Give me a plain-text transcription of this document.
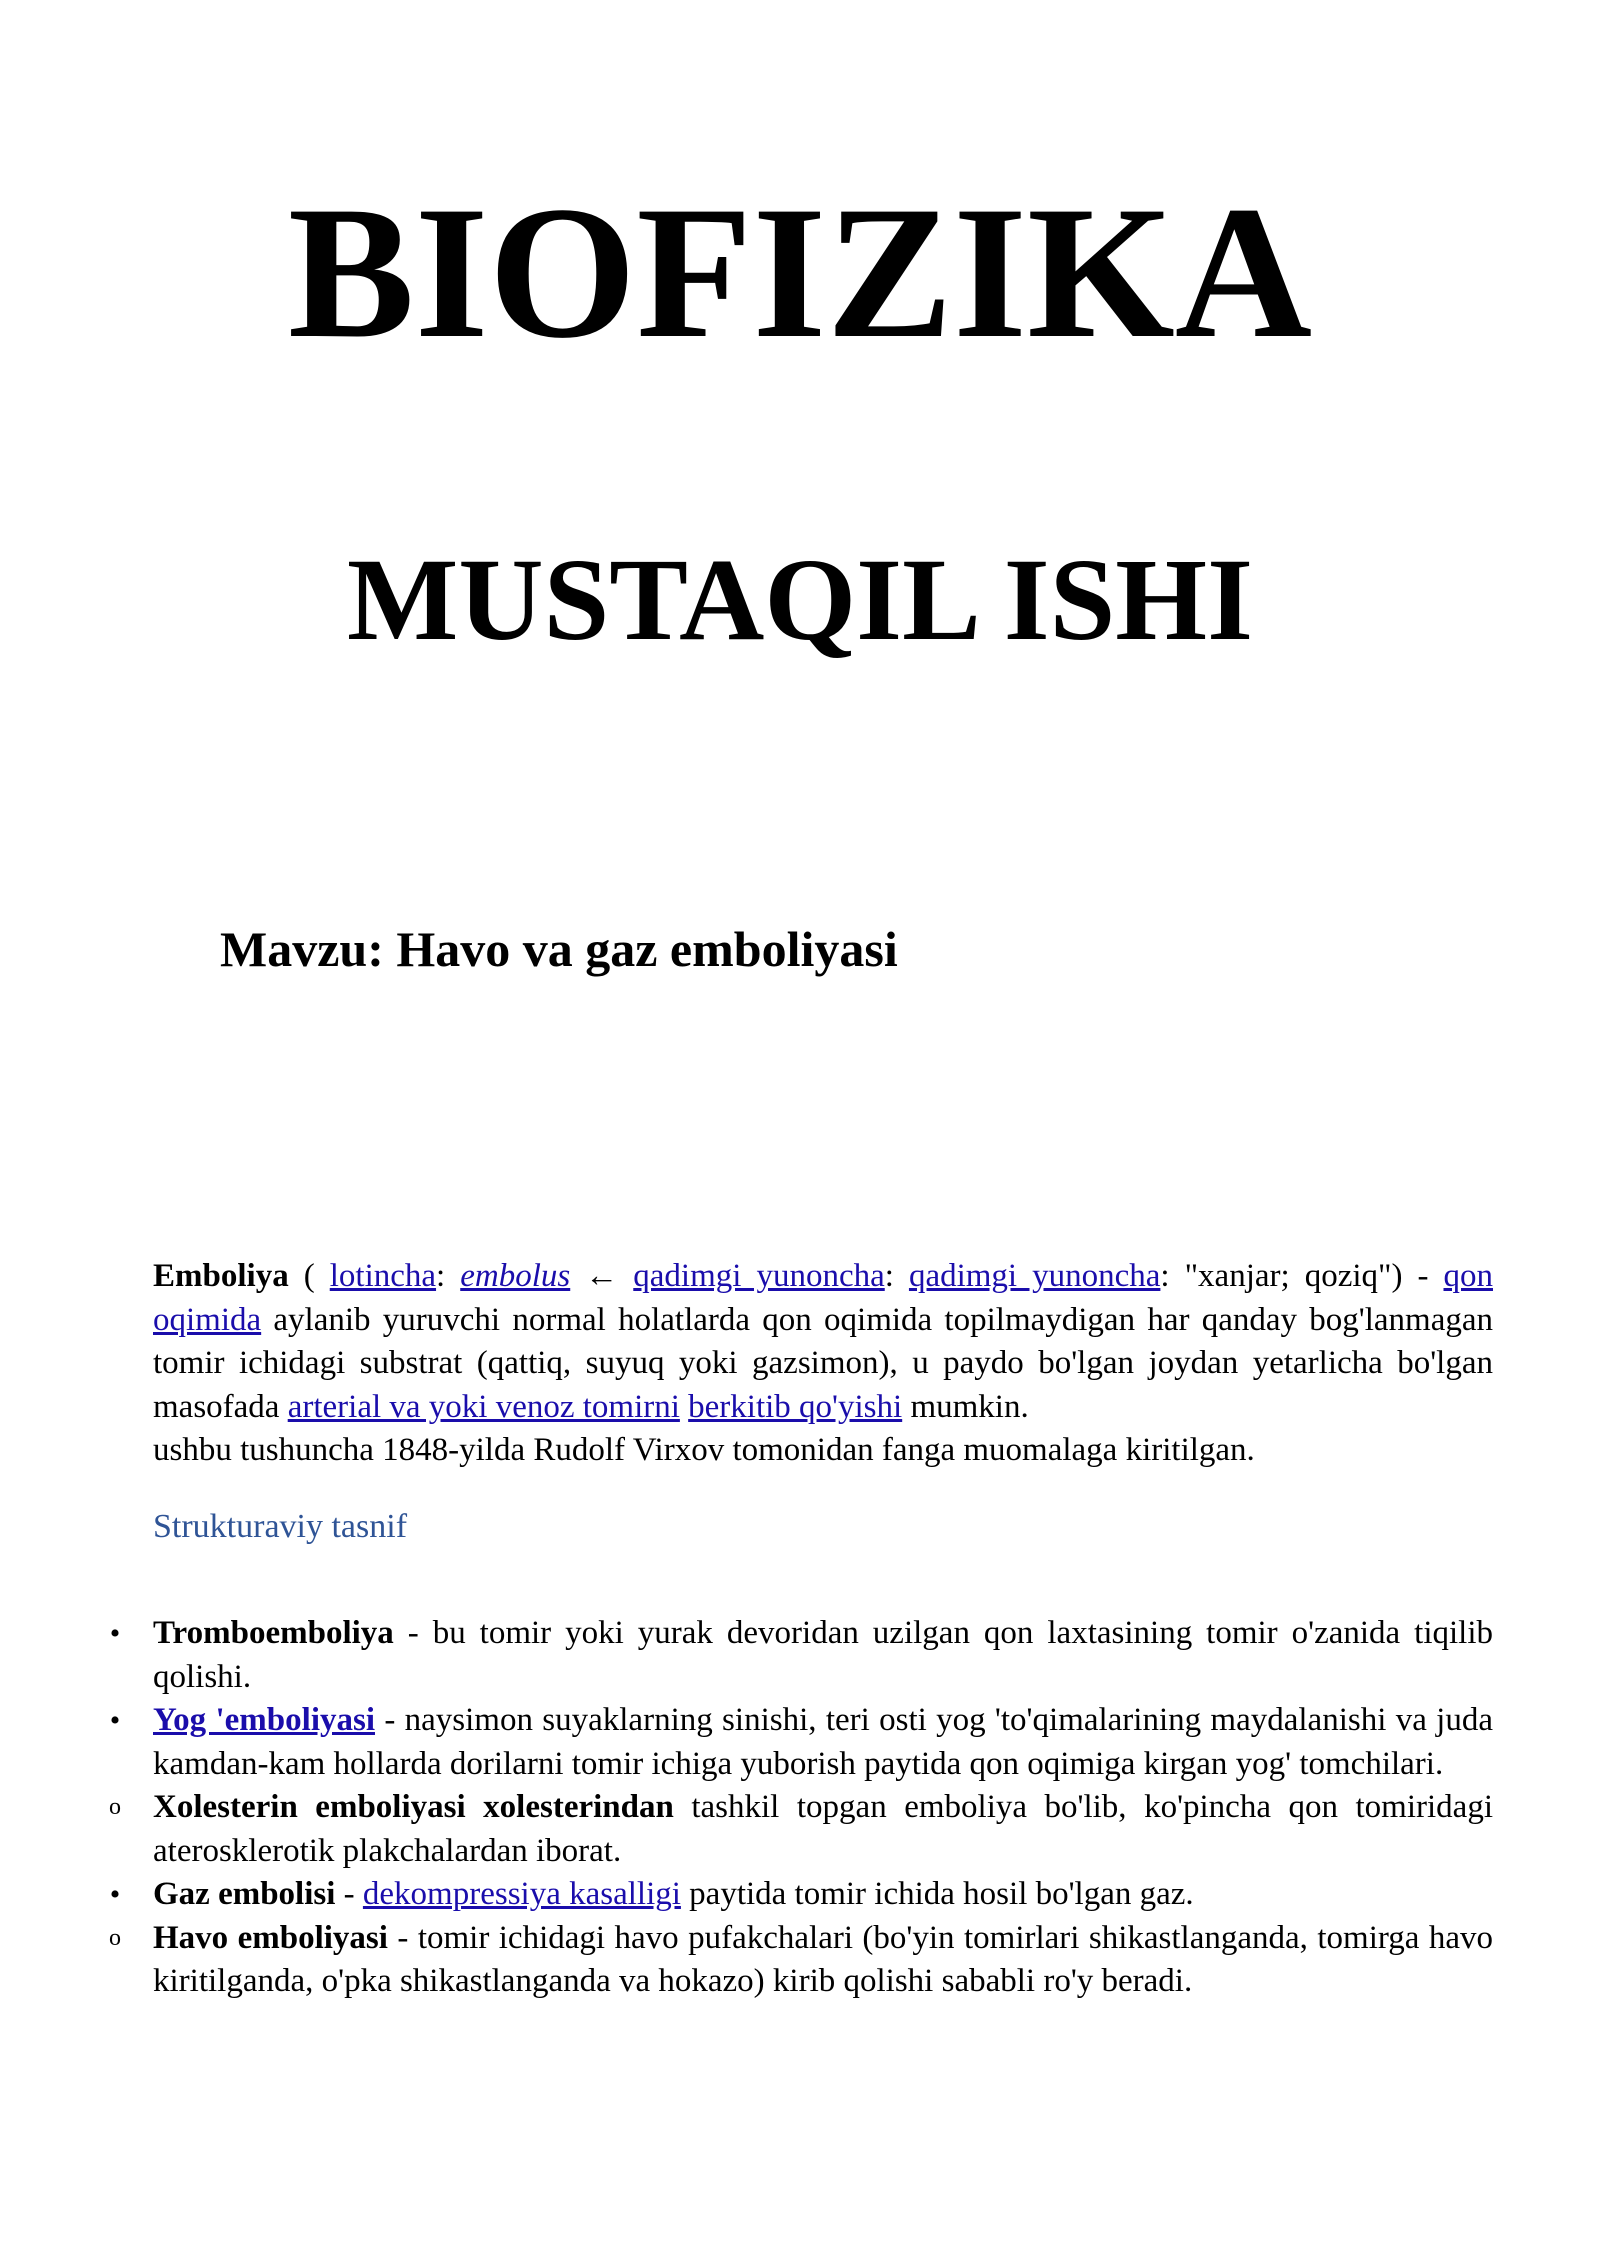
BIOFIZIKA
MUSTAQIL ISHI
Mavzu: Havo va gaz emboliyasi

Emboliya ( lotincha: embolus ← qadimgi yunoncha: qadimgi yunoncha: "xanjar; qoziq") - qon oqimida aylanib yuruvchi normal holatlarda qon oqimida topilmaydigan har qanday bog'lanmagan tomir ichidagi substrat (qattiq, suyuq yoki gazsimon), u paydo bo'lgan joydan yetarlicha bo'lgan masofada arterial va yoki venoz tomirni berkitib qo'yishi mumkin.

ushbu tushuncha 1848-yilda Rudolf Virxov tomonidan fanga muomalaga kiritilgan.

Strukturaviy tasnif

• Tromboemboliya - bu tomir yoki yurak devoridan uzilgan qon laxtasining tomir o'zanida tiqilib qolishi.
• Yog 'emboliyasi - naysimon suyaklarning sinishi, teri osti yog 'to'qimalarining maydalanishi va juda kamdan-kam hollarda dorilarni tomir ichiga yuborish paytida qon oqimiga kirgan yog' tomchilari.
o Xolesterin emboliyasi xolesterindan tashkil topgan emboliya bo'lib, ko'pincha qon tomiridagi aterosklerotik plakchalardan iborat.
• Gaz embolisi - dekompressiya kasalligi paytida tomir ichida hosil bo'lgan gaz.
o Havo emboliyasi - tomir ichidagi havo pufakchalari (bo'yin tomirlari shikastlanganda, tomirga havo kiritilganda, o'pka shikastlanganda va hokazo) kirib qolishi sababli ro'y beradi.
